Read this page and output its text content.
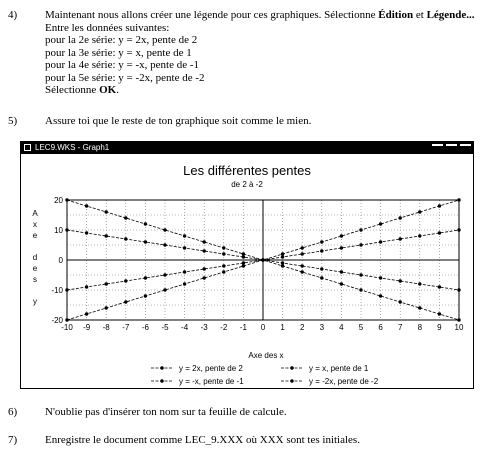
4)	Maintenant nous allons créer une légende pour ces graphiques. Sélectionne Édition et Légende...
Entre les données suivantes:
pour la 2e série: y = 2x, pente de 2
pour la 3e série: y = x, pente de 1
pour la 4e série: y = -x, pente de -1
pour la 5e série: y = -2x, pente de -2
Sélectionne OK.
5)	Assure toi que le reste de ton graphique soit comme le mien.
LEC9.WKS - Graph1
Les différentes pentes
de 2 à -2
A
x
e
d
e
s
y
20
10
0
-10
-20
-10 -9 -8 -7 -6 -5 -4 -3 -2 -1 0 1 2 3 4 5 6 7 8 9 10
Axe des x
y = 2x, pente de 2	y = x, pente de 1
y = -x, pente de -1	y = -2x, pente de -2
6)	N'oublie pas d'insérer ton nom sur ta feuille de calcule.
7)	Enregistre le document comme LEC_9.XXX où XXX sont tes initiales.
